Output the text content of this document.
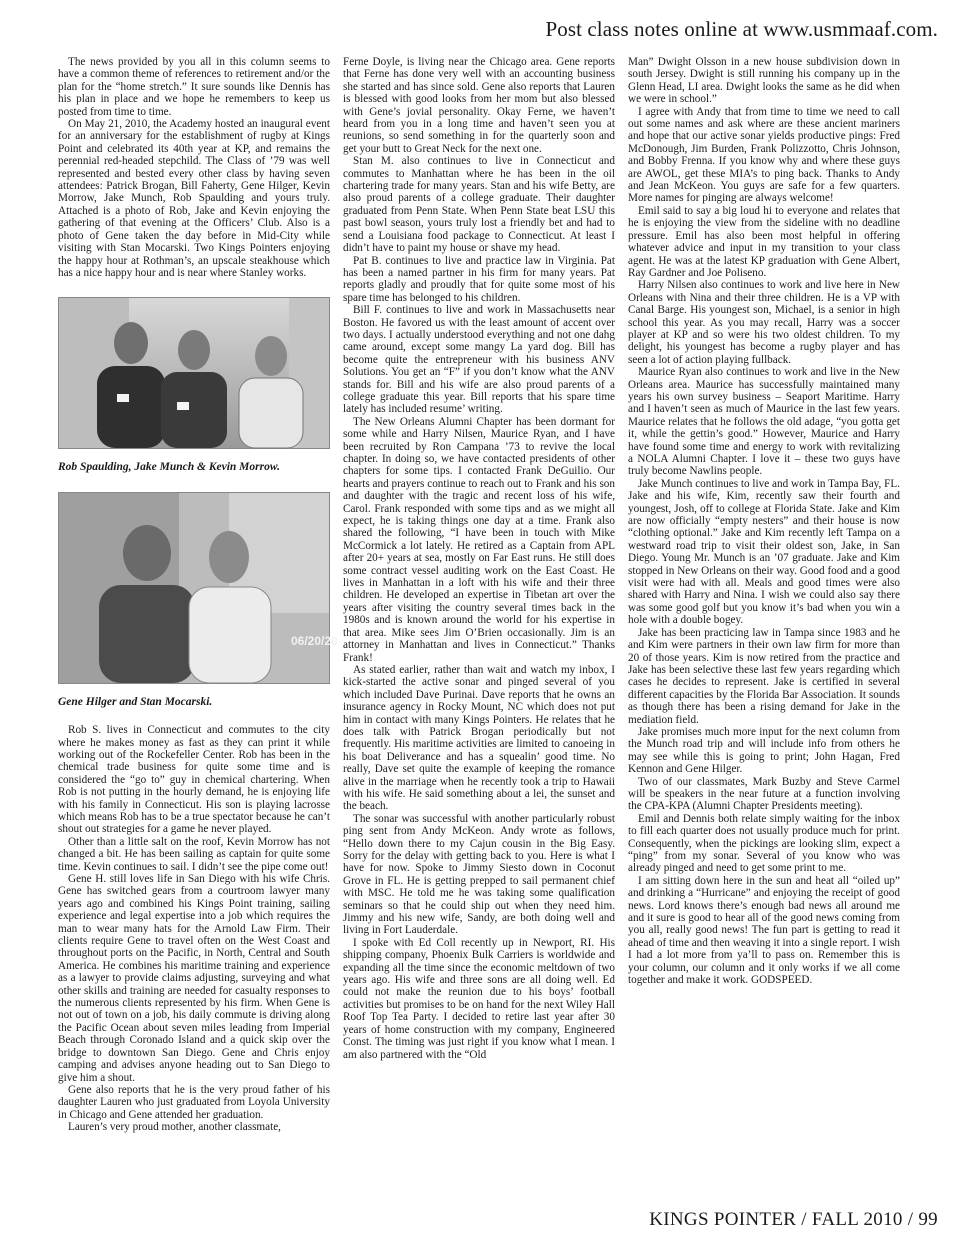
Post class notes online at www.usmmaaf.com.

The news provided by you all in this column seems to have a common theme of references to retirement and/or the plan for the “home stretch.” It sure sounds like Dennis has his plan in place and we hope he remembers to keep us posted from time to time.

On May 21, 2010, the Academy hosted an inaugural event for an anniversary for the establishment of rugby at Kings Point and celebrated its 40th year at KP, and remains the perennial red-headed stepchild. The Class of ’79 was well represented and bested every other class by having seven attendees: Patrick Brogan, Bill Faherty, Gene Hilger, Kevin Morrow, Jake Munch, Rob Spaulding and yours truly. Attached is a photo of Rob, Jake and Kevin enjoying the gathering of that evening at the Officers’ Club. Also is a photo of Gene taken the day before in Mid-City while visiting with Stan Mocarski. Two Kings Pointers enjoying the happy hour at Rothman’s, an upscale steakhouse which has a nice happy hour and is near where Stanley works.

Rob Spaulding, Jake Munch & Kevin Morrow.
06/20/20
Gene Hilger and Stan Mocarski.

Rob S. lives in Connecticut and commutes to the city where he makes money as fast as they can print it while working out of the Rockefeller Center. Rob has been in the chemical trade business for quite some time and is considered the “go to” guy in chemical chartering. When Rob is not putting in the hourly demand, he is enjoying life with his family in Connecticut. His son is playing lacrosse which means Rob has to be a true spectator because he can’t shout out strategies for a game he never played.

Other than a little salt on the roof, Kevin Morrow has not changed a bit. He has been sailing as captain for quite some time. Kevin continues to sail. I didn’t see the pipe come out!

Gene H. still loves life in San Diego with his wife Chris. Gene has switched gears from a courtroom lawyer many years ago and combined his Kings Point training, sailing experience and legal expertise into a job which requires the man to wear many hats for the Arnold Law Firm. Their clients require Gene to travel often on the West Coast and throughout ports on the Pacific, in North, Central and South America. He combines his maritime training and experience as a lawyer to provide claims adjusting, surveying and what other skills and training are needed for casualty responses to the numerous clients represented by his firm. When Gene is not out of town on a job, his daily commute is driving along the Pacific Ocean about seven miles leading from Imperial Beach through Coronado Island and a quick skip over the bridge to downtown San Diego. Gene and Chris enjoy camping and advises anyone heading out to San Diego to give him a shout.

Gene also reports that he is the very proud father of his daughter Lauren who just graduated from Loyola University in Chicago and Gene attended her graduation.

Lauren’s very proud mother, another classmate,

Ferne Doyle, is living near the Chicago area. Gene reports that Ferne has done very well with an accounting business she started and has since sold. Gene also reports that Lauren is blessed with good looks from her mom but also blessed with Gene’s jovial personality. Okay Ferne, we haven’t heard from you in a long time and haven’t seen you at reunions, so send something in for the quarterly soon and get your butt to Great Neck for the next one.

Stan M. also continues to live in Connecticut and commutes to Manhattan where he has been in the oil chartering trade for many years. Stan and his wife Betty, are also proud parents of a college graduate. Their daughter graduated from Penn State. When Penn State beat LSU this past bowl season, yours truly lost a friendly bet and had to send a Louisiana food package to Connecticut. At least I didn’t have to paint my house or shave my head.

Pat B. continues to live and practice law in Virginia. Pat has been a named partner in his firm for many years. Pat reports gladly and proudly that for quite some most of his spare time has belonged to his children.

Bill F. continues to live and work in Massachusetts near Boston. He favored us with the least amount of accent over two days. I actually understood everything and not one dahg came around, except some mangy La yard dog. Bill has become quite the entrepreneur with his business ANV Solutions. You get an “F” if you don’t know what the ANV stands for. Bill and his wife are also proud parents of a college graduate this year. Bill reports that his spare time lately has included resume’ writing.

The New Orleans Alumni Chapter has been dormant for some while and Harry Nilsen, Maurice Ryan, and I have been recruited by Ron Campana ’73 to revive the local chapter. In doing so, we have contacted presidents of other chapters for some tips. I contacted Frank DeGuilio. Our hearts and prayers continue to reach out to Frank and his son and daughter with the tragic and recent loss of his wife, Carol. Frank responded with some tips and as we might all expect, he is taking things one day at a time. Frank also shared the following, “I have been in touch with Mike McCormick a lot lately. He retired as a Captain from APL after 20+ years at sea, mostly on Far East runs. He still does some contract vessel auditing work on the East Coast. He lives in Manhattan in a loft with his wife and their three children. He developed an expertise in Tibetan art over the years after visiting the country several times back in the 1980s and is known around the world for his expertise in that area. Mike sees Jim O’Brien occasionally. Jim is an attorney in Manhattan and lives in Connecticut.” Thanks Frank!

As stated earlier, rather than wait and watch my inbox, I kick-started the active sonar and pinged several of you which included Dave Purinai. Dave reports that he owns an insurance agency in Rocky Mount, NC which does not put him in contact with many Kings Pointers. He relates that he does talk with Patrick Brogan periodically but not frequently. His maritime activities are limited to canoeing in his boat Deliverance and has a squealin’ good time. No really, Dave set quite the example of keeping the romance alive in the marriage when he recently took a trip to Hawaii with his wife. He said something about a lei, the sunset and the beach.

The sonar was successful with another particularly robust ping sent from Andy McKeon. Andy wrote as follows, “Hello down there to my Cajun cousin in the Big Easy. Sorry for the delay with getting back to you. Here is what I have for now. Spoke to Jimmy Siesto down in Coconut Grove in FL. He is getting prepped to sail permanent chief with MSC. He told me he was taking some qualification seminars so that he could ship out when they need him. Jimmy and his new wife, Sandy, are both doing well and living in Fort Lauderdale.

I spoke with Ed Coll recently up in Newport, RI. His shipping company, Phoenix Bulk Carriers is worldwide and expanding all the time since the economic meltdown of two years ago. His wife and three sons are all doing well. Ed could not make the reunion due to his boys’ football activities but promises to be on hand for the next Wiley Hall Roof Top Tea Party. I decided to retire last year after 30 years of home construction with my company, Engineered Const. The timing was just right if you know what I mean. I am also partnered with the “Old

Man” Dwight Olsson in a new house subdivision down in south Jersey. Dwight is still running his company up in the Glenn Head, LI area. Dwight looks the same as he did when we were in school.”

I agree with Andy that from time to time we need to call out some names and ask where are these ancient mariners and hope that our active sonar yields productive pings: Fred McDonough, Jim Burden, Frank Polizzotto, Chris Johnson, and Bobby Frenna. If you know why and where these guys are AWOL, get these MIA’s to ping back. Thanks to Andy and Jean McKeon. You guys are safe for a few quarters. More names for pinging are always welcome!

Emil said to say a big loud hi to everyone and relates that he is enjoying the view from the sideline with no deadline pressure. Emil has also been most helpful in offering whatever advice and input in my transition to your class agent. He was at the latest KP graduation with Gene Albert, Ray Gardner and Joe Poliseno.

Harry Nilsen also continues to work and live here in New Orleans with Nina and their three children. He is a VP with Canal Barge. His youngest son, Michael, is a senior in high school this year. As you may recall, Harry was a soccer player at KP and so were his two oldest children. To my delight, his youngest has become a rugby player and has seen a lot of action playing fullback.

Maurice Ryan also continues to work and live in the New Orleans area. Maurice has successfully maintained many years his own survey business – Seaport Maritime. Harry and I haven’t seen as much of Maurice in the last few years. Maurice relates that he follows the old adage, “you gotta get it, while the gettin’s good.” However, Maurice and Harry have found some time and energy to work with revitalizing a NOLA Alumni Chapter. I love it – these two guys have truly become Nawlins people.

Jake Munch continues to live and work in Tampa Bay, FL. Jake and his wife, Kim, recently saw their fourth and youngest, Josh, off to college at Florida State. Jake and Kim are now officially “empty nesters” and their house is now “clothing optional.” Jake and Kim recently left Tampa on a westward road trip to visit their oldest son, Jake, in San Diego. Young Mr. Munch is an ’07 graduate. Jake and Kim stopped in New Orleans on their way. Good food and a good visit were had with all. Meals and good times were also shared with Harry and Nina. I wish we could also say there was some good golf but you know it’s bad when you win a hole with a double bogey.

Jake has been practicing law in Tampa since 1983 and he and Kim were partners in their own law firm for more than 20 of those years. Kim is now retired from the practice and Jake has been selective these last few years regarding which cases he decides to represent. Jake is certified in several different capacities by the Florida Bar Association. It sounds as though there has been a rising demand for Jake in the mediation field.

Jake promises much more input for the next column from the Munch road trip and will include info from others he may see while this is going to print; John Hagan, Fred Kennon and Gene Hilger.

Two of our classmates, Mark Buzby and Steve Carmel will be speakers in the near future at a function involving the CPA-KPA (Alumni Chapter Presidents meeting).

Emil and Dennis both relate simply waiting for the inbox to fill each quarter does not usually produce much for print. Consequently, when the pickings are looking slim, expect a “ping” from my sonar. Several of you know who was already pinged and need to get some print to me.

I am sitting down here in the sun and heat all “oiled up” and drinking a “Hurricane” and enjoying the receipt of good news. Lord knows there’s enough bad news all around me and it sure is good to hear all of the good news coming from you all, really good news! The fun part is getting to read it ahead of time and then weaving it into a single report. I wish I had a lot more from ya’ll to pass on. Remember this is your column, our column and it only works if we all come together and make it work. GODSPEED.

KINGS POINTER / FALL 2010 / 99
